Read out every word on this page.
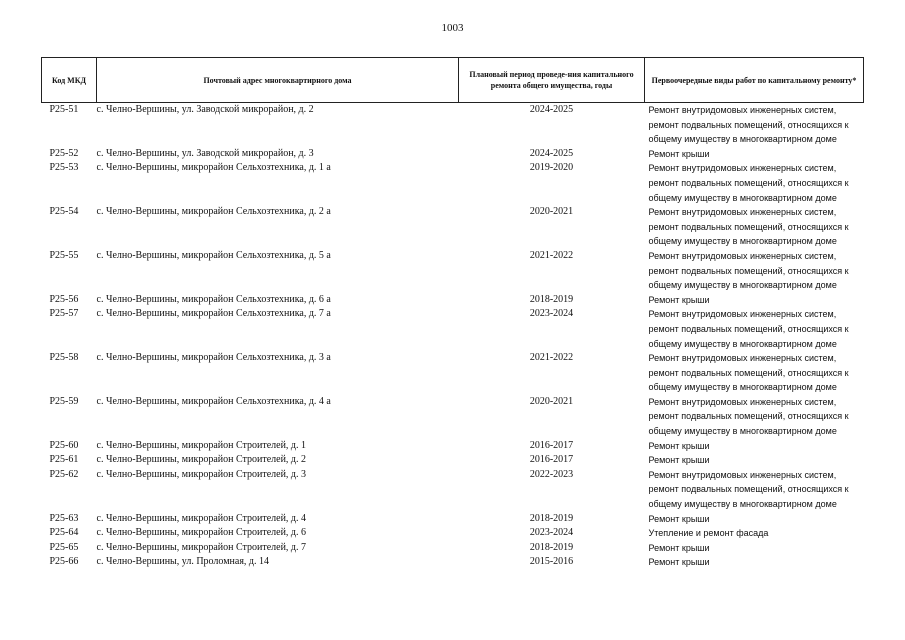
1003
Код МКД	Почтовый адрес многоквартирного дома	Плановый период проведе-ния капитального ремонта общего имущества, годы	Первоочередные виды работ по капитальному ремонту*
Р25-51	с. Челно-Вершины, ул. Заводской микрорайон, д. 2	2024-2025	Ремонт внутридомовых инженерных систем,
ремонт подвальных помещений, относящихся к
общему имуществу в многоквартирном доме

Р25-52	с. Челно-Вершины, ул. Заводской микрорайон, д. 3	2024-2025	Ремонт крыши

Р25-53	с. Челно-Вершины, микрорайон Сельхозтехника, д. 1 а	2019-2020	Ремонт внутридомовых инженерных систем,
ремонт подвальных помещений, относящихся к
общему имуществу в многоквартирном доме

Р25-54	с. Челно-Вершины, микрорайон Сельхозтехника, д. 2 а	2020-2021	Ремонт внутридомовых инженерных систем,
ремонт подвальных помещений, относящихся к
общему имуществу в многоквартирном доме

Р25-55	с. Челно-Вершины, микрорайон Сельхозтехника, д. 5 а	2021-2022	Ремонт внутридомовых инженерных систем,
ремонт подвальных помещений, относящихся к
общему имуществу в многоквартирном доме

Р25-56	с. Челно-Вершины, микрорайон Сельхозтехника, д. 6 а	2018-2019	Ремонт крыши

Р25-57	с. Челно-Вершины, микрорайон Сельхозтехника, д. 7 а	2023-2024	Ремонт внутридомовых инженерных систем,
ремонт подвальных помещений, относящихся к
общему имуществу в многоквартирном доме

Р25-58	с. Челно-Вершины, микрорайон Сельхозтехника, д. 3 а	2021-2022	Ремонт внутридомовых инженерных систем,
ремонт подвальных помещений, относящихся к
общему имуществу в многоквартирном доме

Р25-59	с. Челно-Вершины, микрорайон Сельхозтехника, д. 4 а	2020-2021	Ремонт внутридомовых инженерных систем,
ремонт подвальных помещений, относящихся к
общему имуществу в многоквартирном доме

Р25-60	с. Челно-Вершины, микрорайон Строителей, д. 1	2016-2017	Ремонт крыши

Р25-61	с. Челно-Вершины, микрорайон Строителей, д. 2	2016-2017	Ремонт крыши

Р25-62	с. Челно-Вершины, микрорайон Строителей, д. 3	2022-2023	Ремонт внутридомовых инженерных систем,
ремонт подвальных помещений, относящихся к
общему имуществу в многоквартирном доме

Р25-63	с. Челно-Вершины, микрорайон Строителей, д. 4	2018-2019	Ремонт крыши

Р25-64	с. Челно-Вершины, микрорайон Строителей, д. 6	2023-2024	Утепление и ремонт фасада

Р25-65	с. Челно-Вершины, микрорайон Строителей, д. 7	2018-2019	Ремонт крыши

Р25-66	с. Челно-Вершины, ул. Проломная, д. 14	2015-2016	Ремонт крыши
